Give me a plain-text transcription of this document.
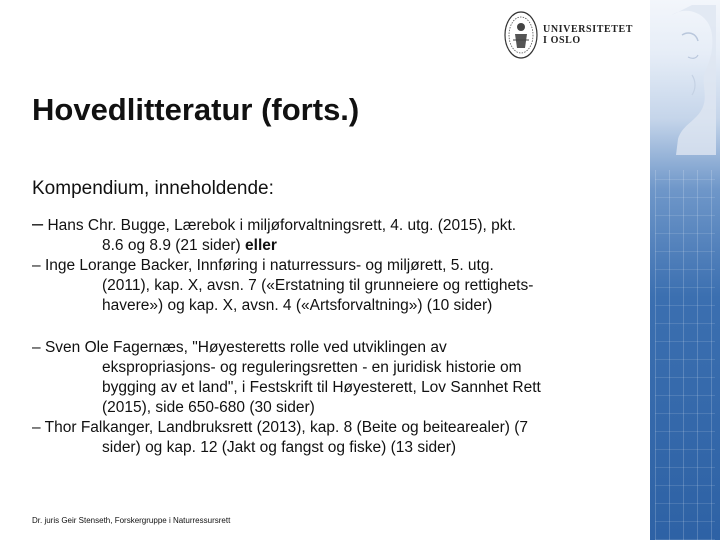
UNIVERSITETET
I OSLO
Hovedlitteratur (forts.)
Kompendium, inneholdende:
– Hans Chr. Bugge, Lærebok i miljøforvaltningsrett, 4. utg. (2015), pkt.
8.6 og 8.9 (21 sider) eller
– Inge Lorange Backer, Innføring i naturressurs- og miljørett, 5. utg.
(2011), kap. X, avsn. 7 («Erstatning til grunneiere og rettighets-
havere») og kap. X, avsn. 4 («Artsforvaltning») (10 sider)
– Sven Ole Fagernæs, "Høyesteretts rolle ved utviklingen av
ekspropriasjons- og reguleringsretten - en juridisk historie om
bygging av et land", i Festskrift til Høyesterett, Lov Sannhet Rett
(2015), side 650-680 (30 sider)
– Thor Falkanger, Landbruksrett (2013), kap. 8 (Beite og beitearealer) (7
sider) og kap. 12 (Jakt og fangst og fiske) (13 sider)
Dr. juris Geir Stenseth, Forskergruppe i Naturressursrett
